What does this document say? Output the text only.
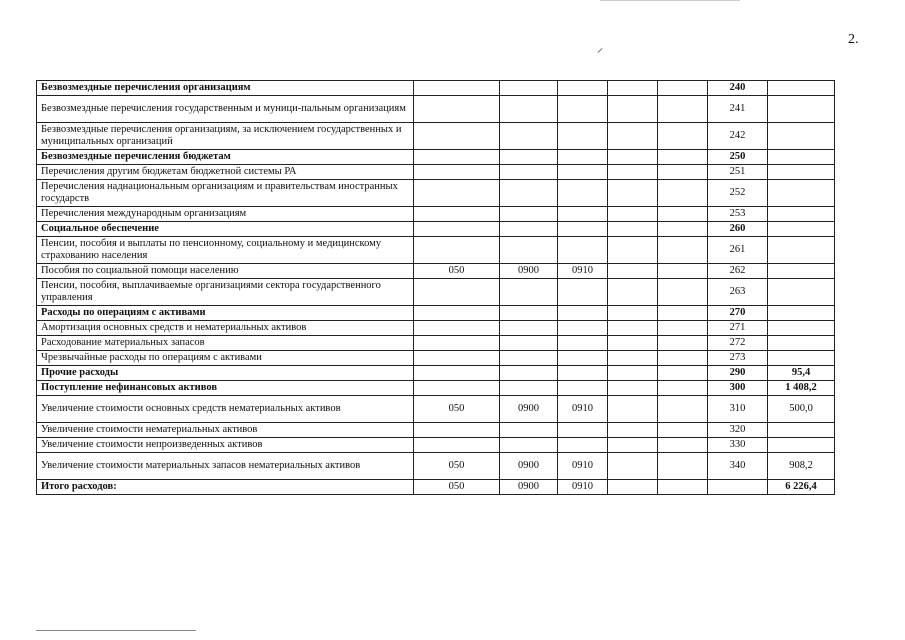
2.
Безвозмездные перечисления организациям						240	
Безвозмездные перечисления государственным и муници-пальным организациям						241	
Безвозмездные перечисления организациям, за исключением государственных и муниципальных организаций						242	
Безвозмездные перечисления бюджетам						250	
Перечисления другим бюджетам бюджетной системы РА						251	
Перечисления наднациональным организациям и правительствам иностранных государств						252	
Перечисления международным организациям						253	
Социальное обеспечение						260	
Пенсии, пособия и выплаты по пенсионному, социальному и медицинскому страхованию населения						261	
Пособия по социальной помощи населению	050	0900	0910			262	
Пенсии, пособия, выплачиваемые организациями сектора государственного управления						263	
Расходы по операциям с активами						270	
Амортизация основных средств и нематериальных активов						271	
Расходование материальных запасов						272	
Чрезвычайные расходы по операциям с активами						273	
Прочие расходы						290	95,4
Поступление нефинансовых активов						300	1 408,2
Увеличение стоимости основных средств нематериальных активов	050	0900	0910			310	500,0
Увеличение стоимости нематериальных активов						320	
Увеличение стоимости непроизведенных активов						330	
Увеличение стоимости материальных запасов нематериальных активов	050	0900	0910			340	908,2
Итого расходов:	050	0900	0910				6 226,4
